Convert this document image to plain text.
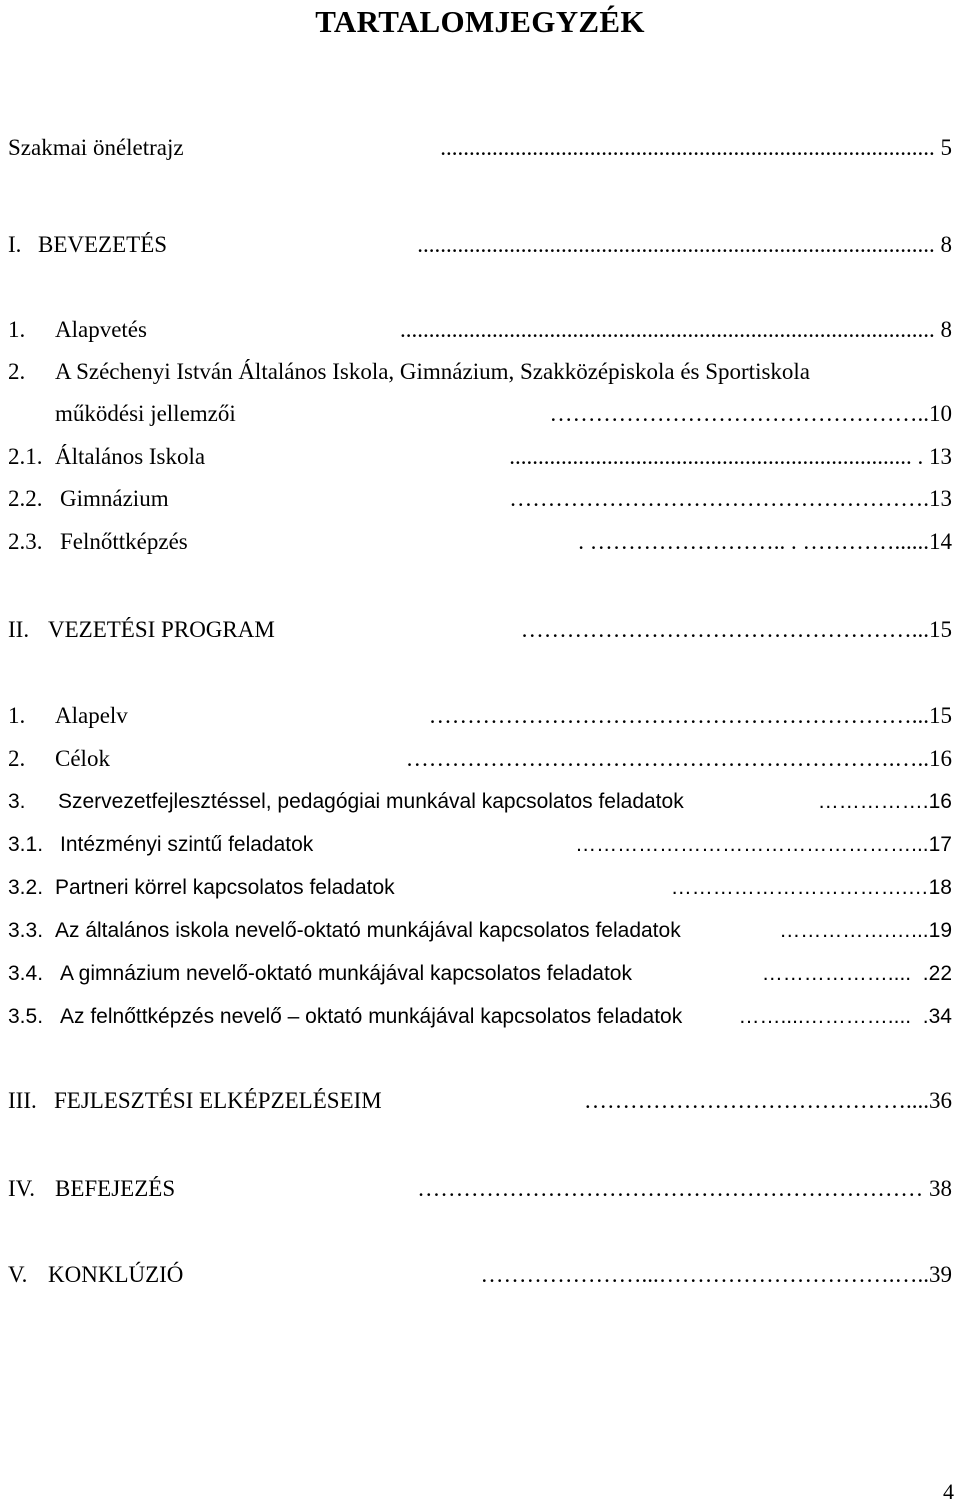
TARTALOMJEGYZÉK
Szakmai önéletrajz	...................................................................................... 5
I. BEVEZETÉS	.......................................................................................... 8
1. Alapvetés	............................................................................................. 8
2. A Széchenyi István Általános Iskola, Gimnázium, Szakközépiskola és Sportiskola
működési jellemzői	…………………………………………..10
2.1. Általános Iskola	...................................................................... . 13
2.2. Gimnázium	……………………………………………….13
2.3. Felnőttképzés	. …………………….. . …………......14
II. VEZETÉSI PROGRAM	……………………………………………...15
1. Alapelv	………………………………………………………...15
2. Célok	……………………………………………………….…..16
3. Szervezetfejlesztéssel, pedagógiai munkával kapcsolatos feladatok	…………….16
3.1. Intézményi szintű feladatok	…………………………………………...17
3.2. Partneri körrel kapcsolatos feladatok	…………………………….…18
3.3. Az általános iskola nevelő-oktató munkájával kapcsolatos feladatok	…………….…...19
3.4. A gimnázium nevelő-oktató munkájával kapcsolatos feladatok	………………....  .22
3.5. Az felnőttképzés nevelő – oktató munkájával kapcsolatos feladatok	……....…………....  .34
III. FEJLESZTÉSI ELKÉPZELÉSEIM	……………………………………....36
IV. BEFEJEZÉS	………………………………………………………… 38
V. KONKLÚZIÓ	…………………...………………………….…..39
4
